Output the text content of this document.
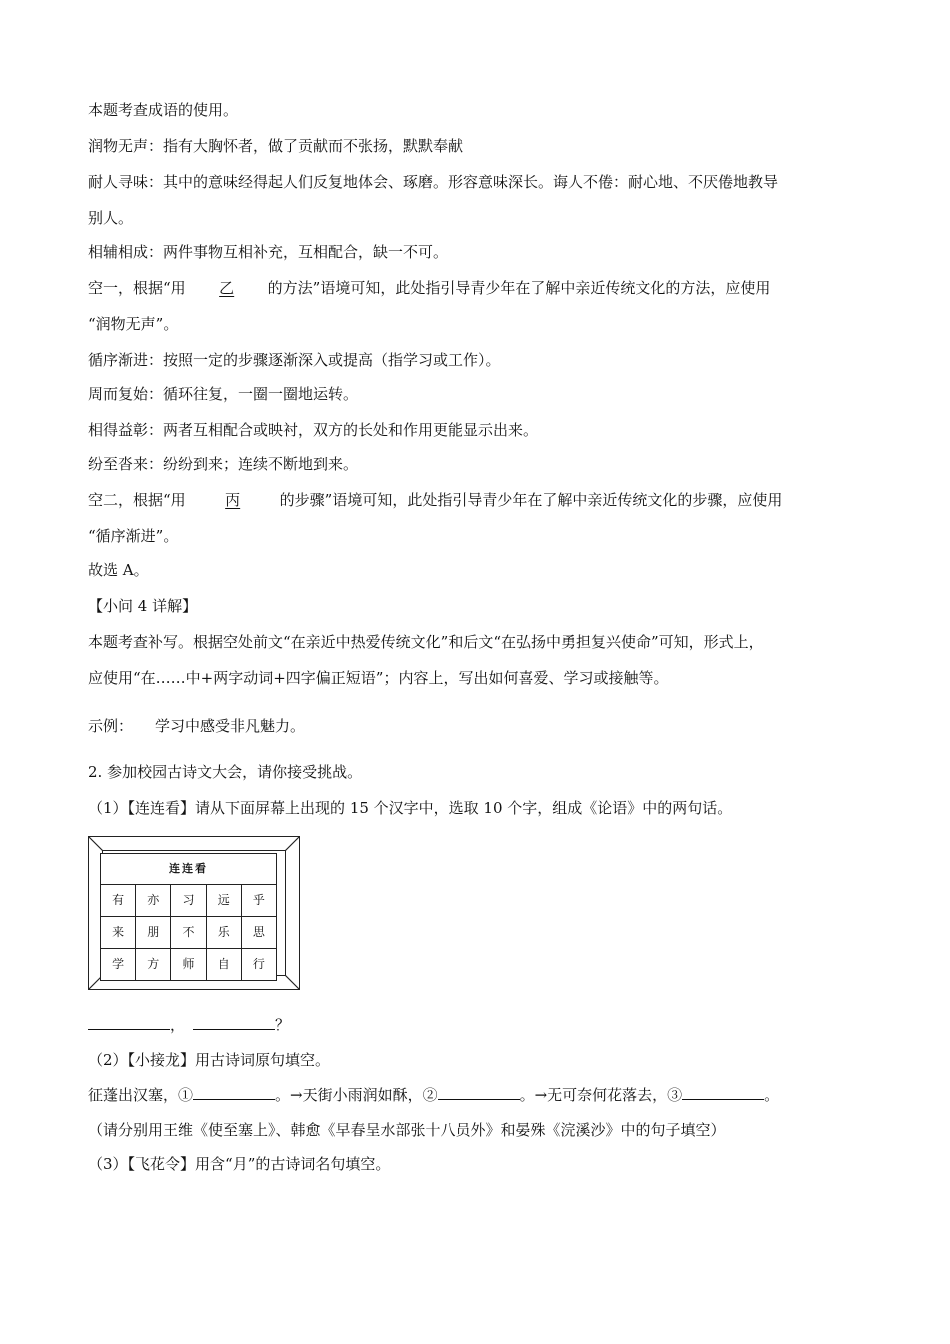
本题考查成语的使用。
润物无声：指有大胸怀者，做了贡献而不张扬，默默奉献
耐人寻味：其中的意味经得起人们反复地体会、琢磨。形容意味深长。诲人不倦：耐心地、不厌倦地教导
别人。
相辅相成：两件事物互相补充，互相配合，缺一不可。
空一，根据“用 乙 的方法”语境可知，此处指引导青少年在了解中亲近传统文化的方法，应使用
“润物无声”。
循序渐进：按照一定的步骤逐渐深入或提高（指学习或工作）。
周而复始：循环往复，一圈一圈地运转。
相得益彰：两者互相配合或映衬，双方的长处和作用更能显示出来。
纷至沓来：纷纷到来；连续不断地到来。
空二，根据“用	丙	的步骤”语境可知，此处指引导青少年在了解中亲近传统文化的步骤，应使用
“循序渐进”。
故选 A。
【小问 4 详解】
本题考查补写。根据空处前文“在亲近中热爱传统文化”和后文“在弘扬中勇担复兴使命”可知，形式上，
应使用“在……中+两字动词+四字偏正短语”；内容上，写出如何喜爱、学习或接触等。
示例： 学习中感受非凡魅力。
2. 参加校园古诗文大会，请你接受挑战。
（1）【连连看】请从下面屏幕上出现的 15 个汉字中，选取 10 个字，组成《论语》中的两句话。
连连看
有	亦	习	远	乎
来	朋	不	乐	思
学	方	师	自	行
，	？
（2）【小接龙】用古诗词原句填空。
征蓬出汉塞，①	。→天街小雨润如酥，②	。→无可奈何花落去，③	。
（请分别用王维《使至塞上》、韩愈《早春呈水部张十八员外》和晏殊《浣溪沙》中的句子填空）
（3）【飞花令】用含“月”的古诗词名句填空。
